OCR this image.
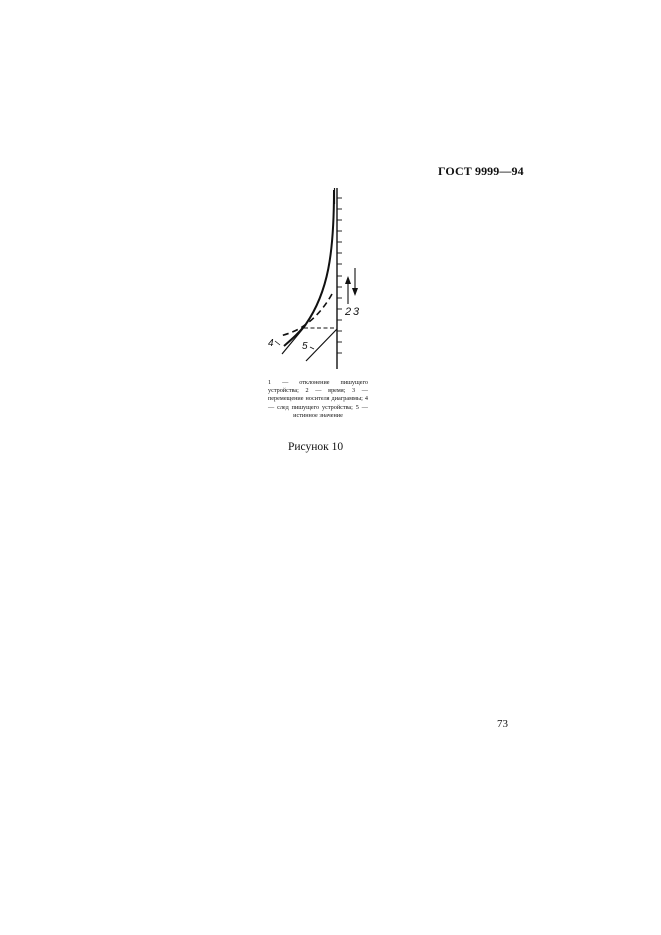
ГОСТ 9999—94
2 3
4	5
1 — отклонение пишущего устройства; 2 — время; 3 — перемещение носителя диаграммы; 4 — след пишущего устройства; 5 — истинное значение
Рисунок 10
73
